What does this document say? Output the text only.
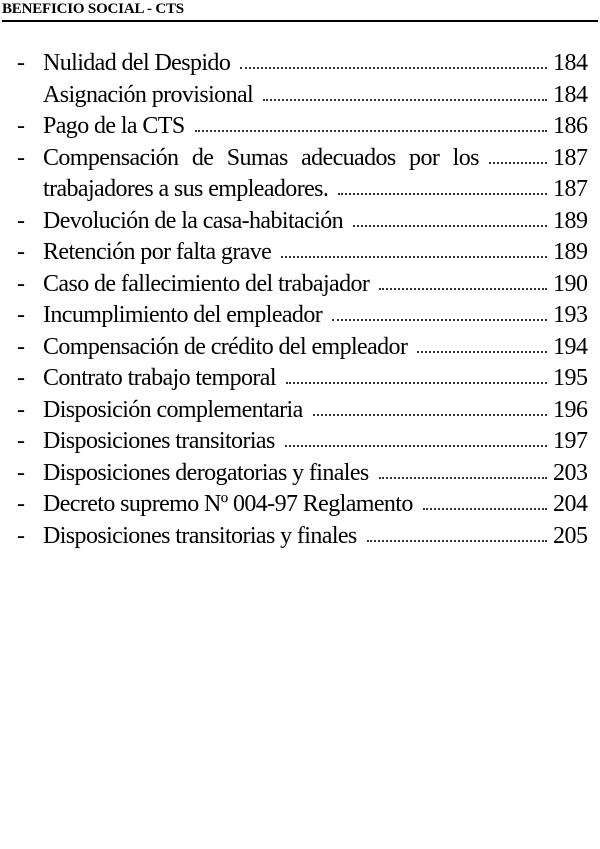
BENEFICIO SOCIAL - CTS
- Nulidad del Despido	184
Asignación provisional	184
- Pago de la CTS	186
- Compensación de Sumas adecuados por los	187
trabajadores a sus empleadores.	187
- Devolución de la casa-habitación	189
- Retención por falta grave	189
- Caso de fallecimiento del trabajador	190
- Incumplimiento del empleador	193
- Compensación de crédito del empleador	194
- Contrato trabajo temporal	195
- Disposición complementaria	196
- Disposiciones transitorias	197
- Disposiciones derogatorias y finales	203
- Decreto supremo Nº 004-97 Reglamento	204
- Disposiciones transitorias y finales	205
